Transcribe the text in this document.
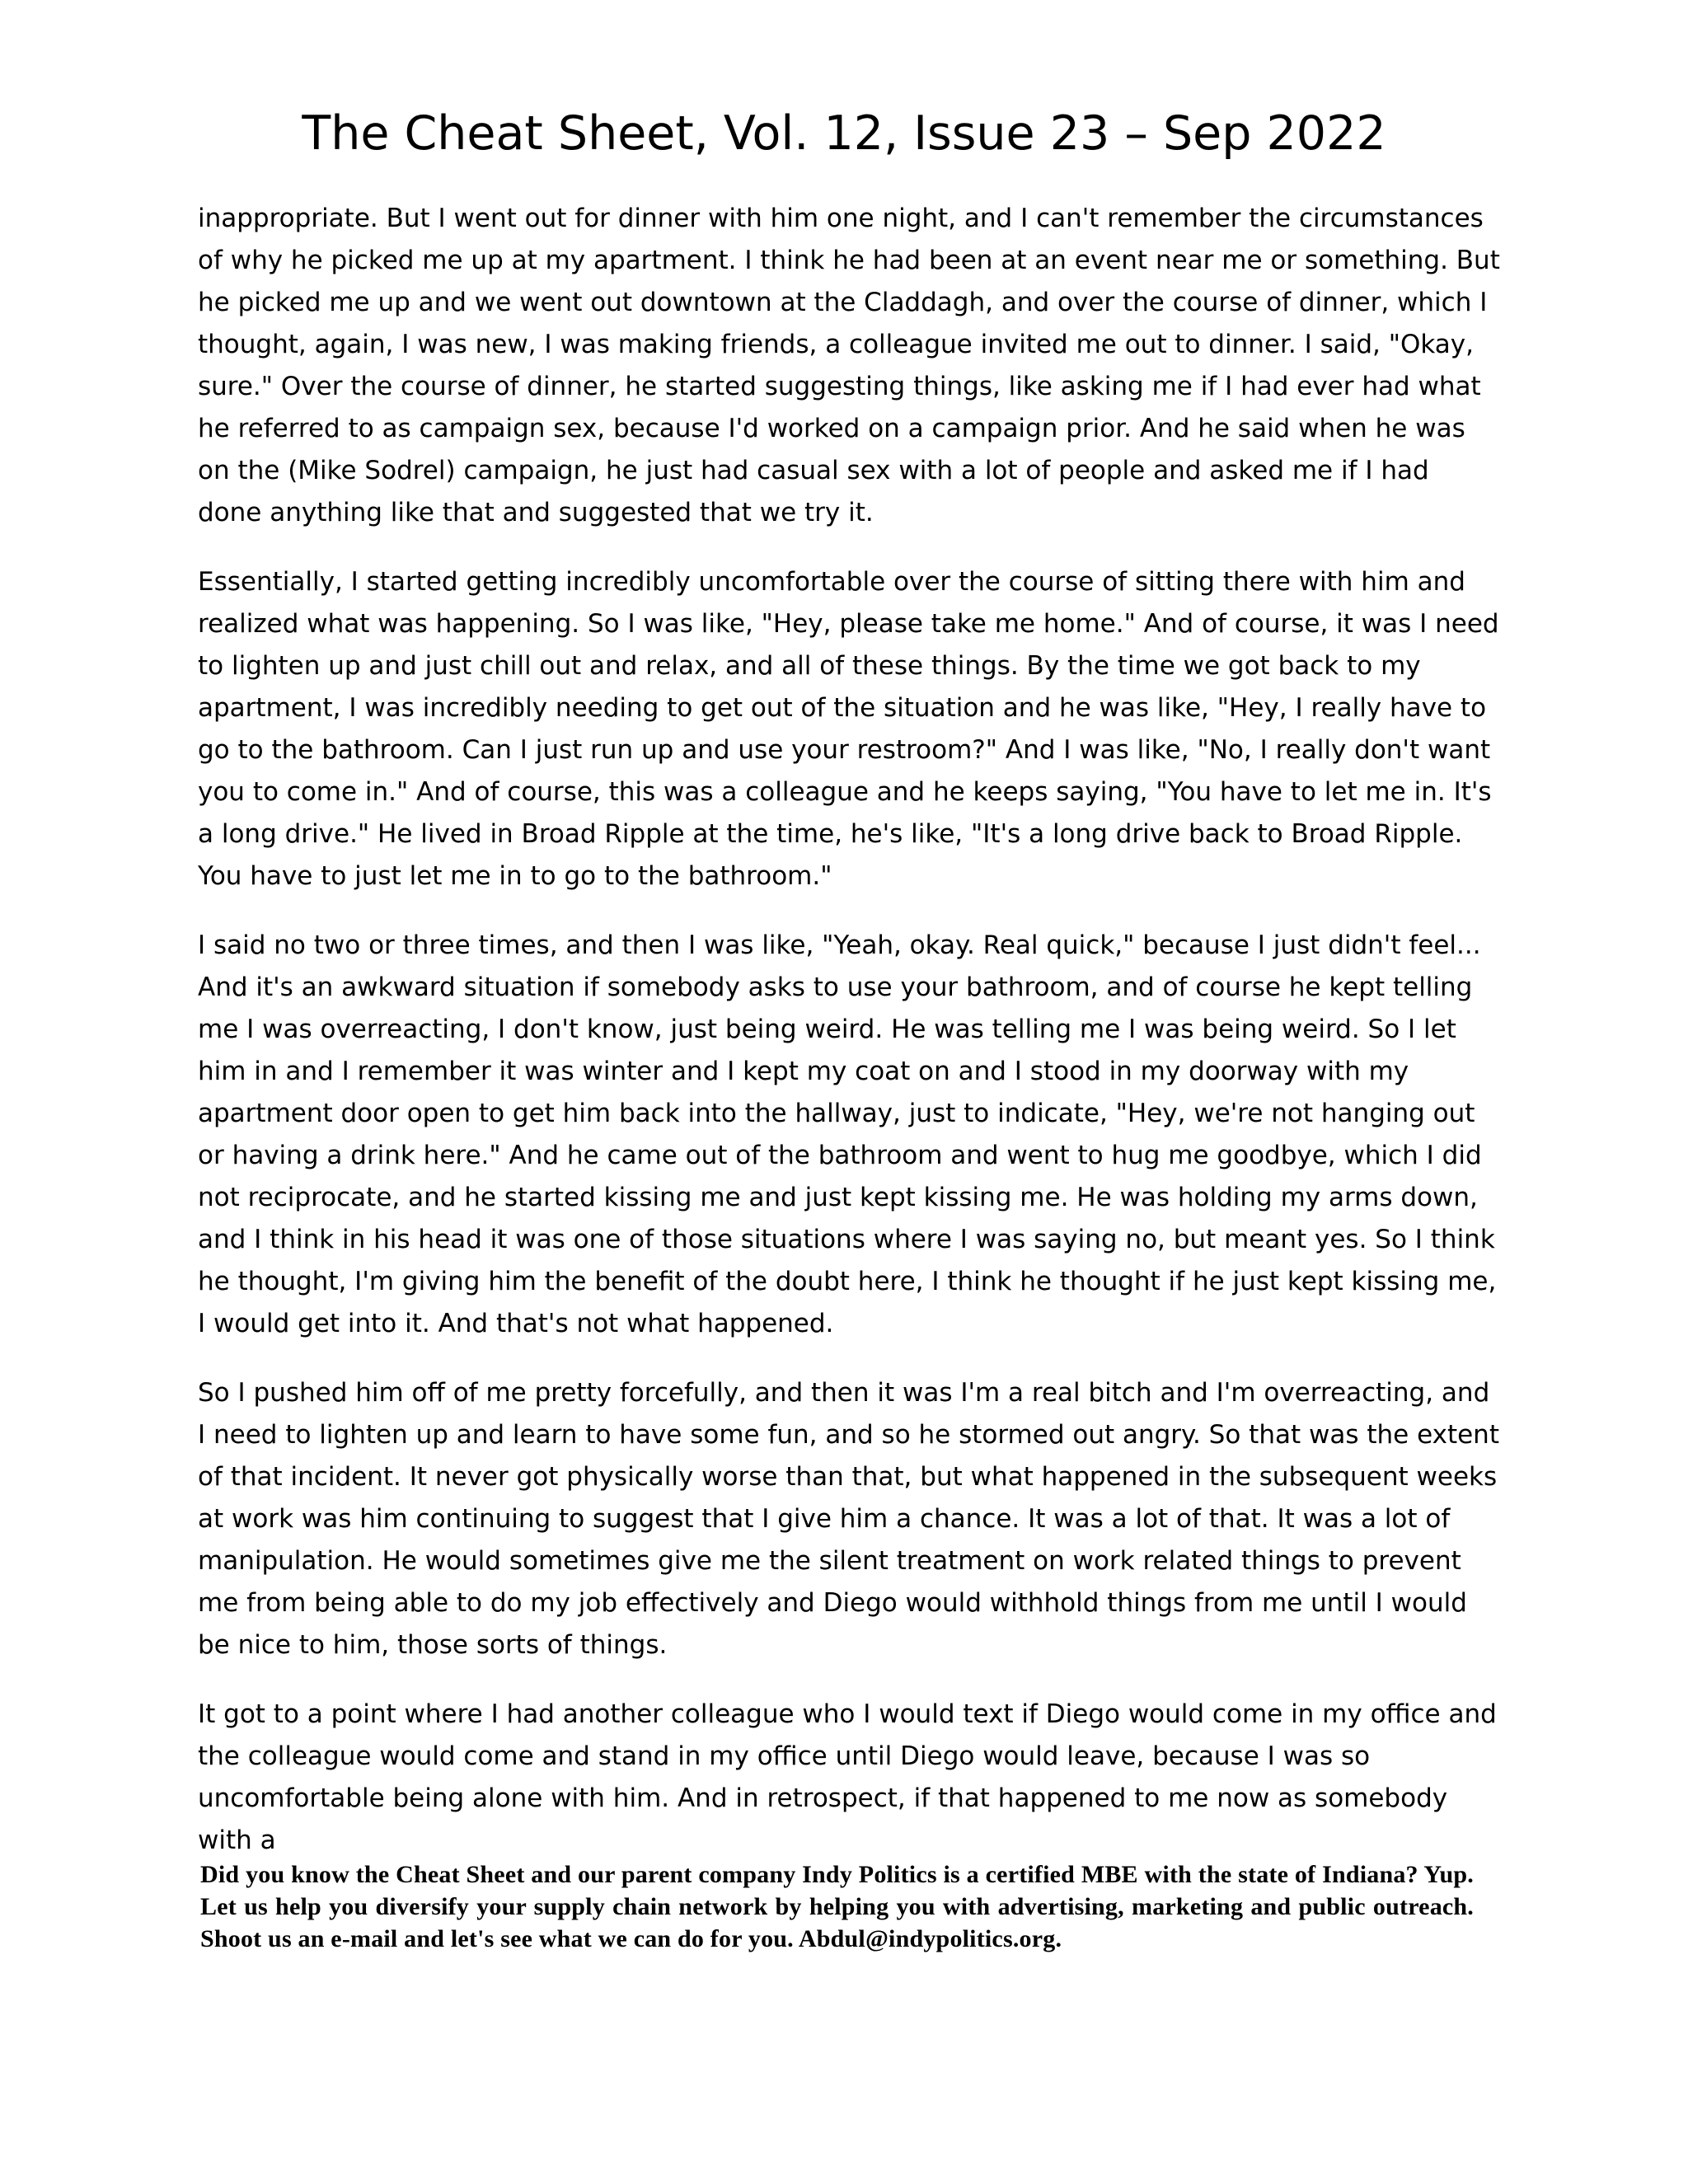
The Cheat Sheet, Vol. 12, Issue 23 – Sep 2022

inappropriate. But I went out for dinner with him one night, and I can't remember the circumstances of why he picked me up at my apartment. I think he had been at an event near me or something. But he picked me up and we went out downtown at the Claddagh, and over the course of dinner, which I thought, again, I was new, I was making friends, a colleague invited me out to dinner. I said, "Okay, sure." Over the course of dinner, he started suggesting things, like asking me if I had ever had what he referred to as campaign sex, because I'd worked on a campaign prior. And he said when he was on the (Mike Sodrel) campaign, he just had casual sex with a lot of people and asked me if I had done anything like that and suggested that we try it.

Essentially, I started getting incredibly uncomfortable over the course of sitting there with him and realized what was happening. So I was like, "Hey, please take me home." And of course, it was I need to lighten up and just chill out and relax, and all of these things. By the time we got back to my apartment, I was incredibly needing to get out of the situation and he was like, "Hey, I really have to go to the bathroom. Can I just run up and use your restroom?" And I was like, "No, I really don't want you to come in." And of course, this was a colleague and he keeps saying, "You have to let me in. It's a long drive." He lived in Broad Ripple at the time, he's like, "It's a long drive back to Broad Ripple. You have to just let me in to go to the bathroom."

I said no two or three times, and then I was like, "Yeah, okay. Real quick," because I just didn't feel... And it's an awkward situation if somebody asks to use your bathroom, and of course he kept telling me I was overreacting, I don't know, just being weird. He was telling me I was being weird. So I let him in and I remember it was winter and I kept my coat on and I stood in my doorway with my apartment door open to get him back into the hallway, just to indicate, "Hey, we're not hanging out or having a drink here." And he came out of the bathroom and went to hug me goodbye, which I did not reciprocate, and he started kissing me and just kept kissing me. He was holding my arms down, and I think in his head it was one of those situations where I was saying no, but meant yes. So I think he thought, I'm giving him the benefit of the doubt here, I think he thought if he just kept kissing me, I would get into it. And that's not what happened.

So I pushed him off of me pretty forcefully, and then it was I'm a real bitch and I'm overreacting, and I need to lighten up and learn to have some fun, and so he stormed out angry. So that was the extent of that incident. It never got physically worse than that, but what happened in the subsequent weeks at work was him continuing to suggest that I give him a chance. It was a lot of that. It was a lot of manipulation. He would sometimes give me the silent treatment on work related things to prevent me from being able to do my job effectively and Diego would withhold things from me until I would be nice to him, those sorts of things.

It got to a point where I had another colleague who I would text if Diego would come in my office and the colleague would come and stand in my office until Diego would leave, because I was so uncomfortable being alone with him. And in retrospect, if that happened to me now as somebody with a

Did you know the Cheat Sheet and our parent company Indy Politics is a certified MBE with the state of Indiana? Yup. Let us help you diversify your supply chain network by helping you with advertising, marketing and public outreach. Shoot us an e-mail and let's see what we can do for you. Abdul@indypolitics.org.
